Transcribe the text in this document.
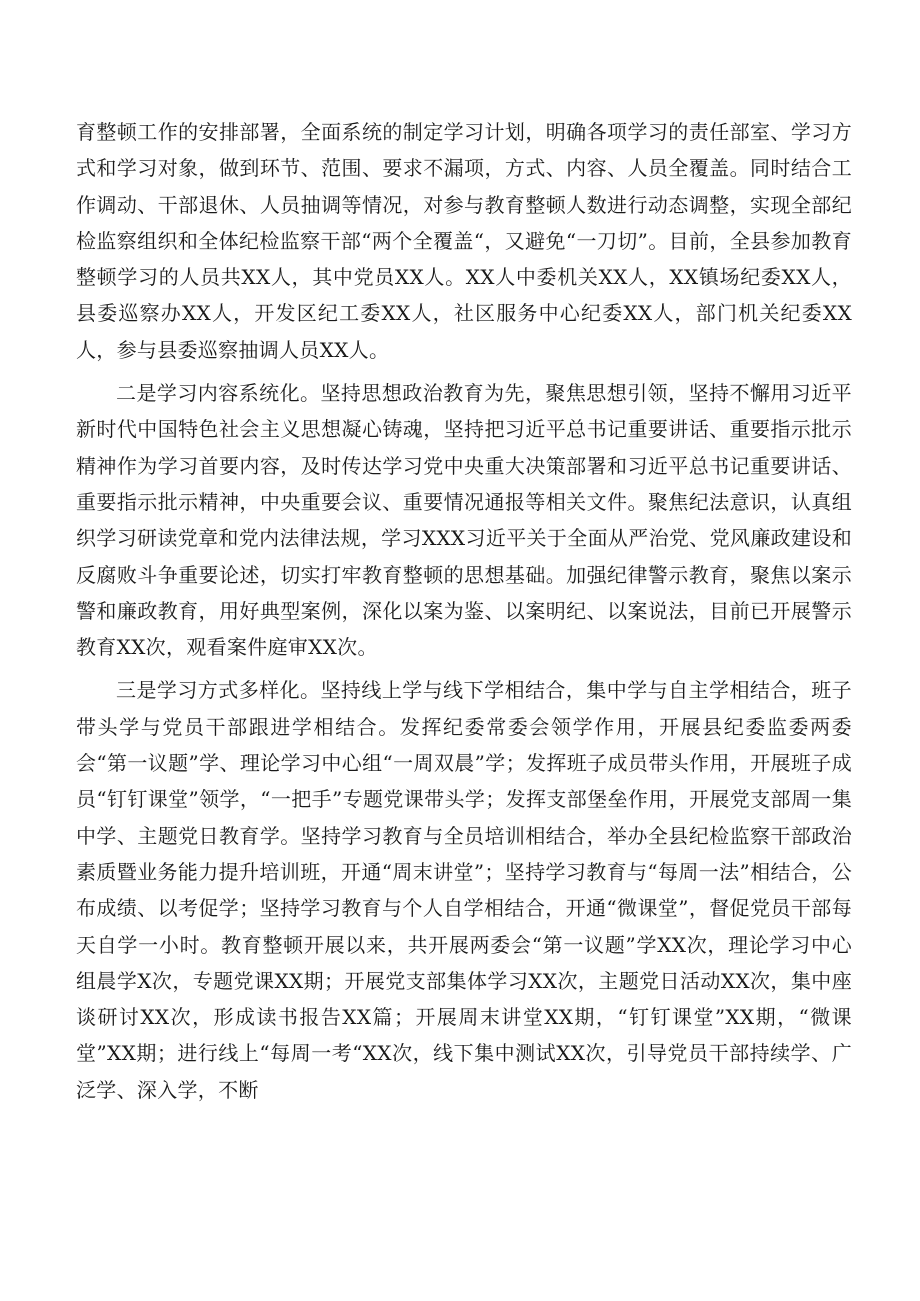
育整顿工作的安排部署，全面系统的制定学习计划，明确各项学习的责任部室、学习方式和学习对象，做到环节、范围、要求不漏项，方式、内容、人员全覆盖。同时结合工作调动、干部退休、人员抽调等情况，对参与教育整顿人数进行动态调整，实现全部纪检监察组织和全体纪检监察干部“两个全覆盖“，又避免“一刀切”。目前，全县参加教育整顿学习的人员共XX人，其中党员XX人。XX人中委机关XX人，XX镇场纪委XX人，县委巡察办XX人，开发区纪工委XX人，社区服务中心纪委XX人，部门机关纪委XX人，参与县委巡察抽调人员XX人。

二是学习内容系统化。坚持思想政治教育为先，聚焦思想引领，坚持不懈用习近平新时代中国特色社会主义思想凝心铸魂，坚持把习近平总书记重要讲话、重要指示批示精神作为学习首要内容，及时传达学习党中央重大决策部署和习近平总书记重要讲话、重要指示批示精神，中央重要会议、重要情况通报等相关文件。聚焦纪法意识，认真组织学习研读党章和党内法律法规，学习XXX习近平关于全面从严治党、党风廉政建设和反腐败斗争重要论述，切实打牢教育整顿的思想基础。加强纪律警示教育，聚焦以案示警和廉政教育，用好典型案例，深化以案为鉴、以案明纪、以案说法，目前已开展警示教育XX次，观看案件庭审XX次。

三是学习方式多样化。坚持线上学与线下学相结合，集中学与自主学相结合，班子带头学与党员干部跟进学相结合。发挥纪委常委会领学作用，开展县纪委监委两委会“第一议题”学、理论学习中心组“一周双晨”学；发挥班子成员带头作用，开展班子成员“钉钉课堂”领学，“一把手”专题党课带头学；发挥支部堡垒作用，开展党支部周一集中学、主题党日教育学。坚持学习教育与全员培训相结合，举办全县纪检监察干部政治素质暨业务能力提升培训班，开通“周末讲堂”；坚持学习教育与“每周一法”相结合，公布成绩、以考促学；坚持学习教育与个人自学相结合，开通“微课堂”，督促党员干部每天自学一小时。教育整顿开展以来，共开展两委会“第一议题”学XX次，理论学习中心组晨学X次，专题党课XX期；开展党支部集体学习XX次，主题党日活动XX次，集中座谈研讨XX次，形成读书报告XX篇；开展周末讲堂XX期，“钉钉课堂”XX期，“微课堂”XX期；进行线上“每周一考“XX次，线下集中测试XX次，引导党员干部持续学、广泛学、深入学，不断
